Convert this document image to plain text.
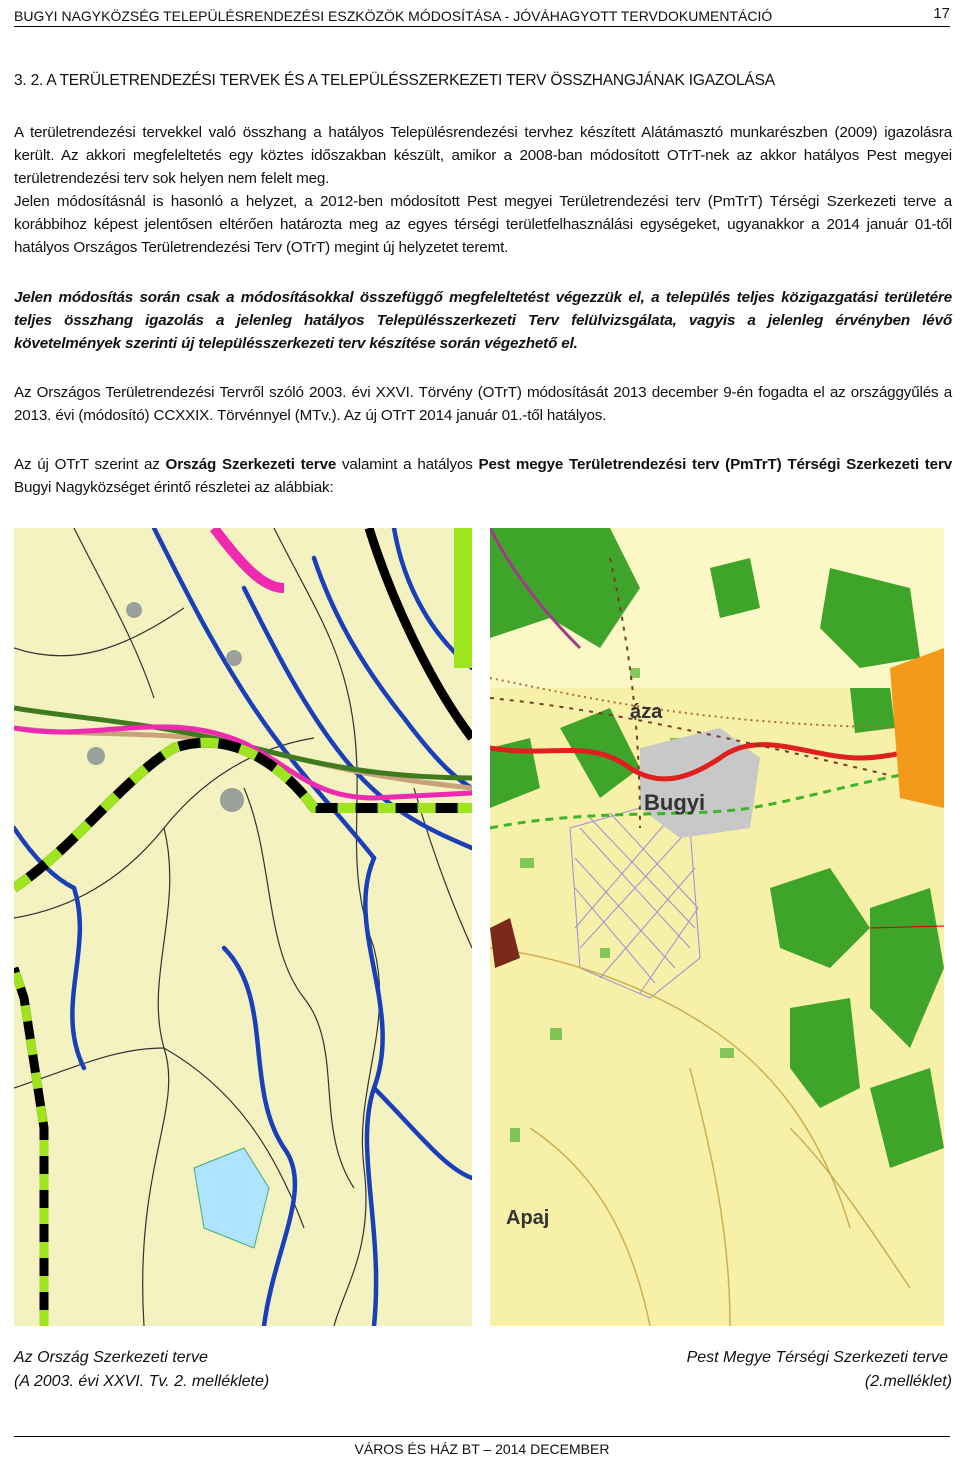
BUGYI NAGYKÖZSÉG TELEPÜLÉSRENDEZÉSI ESZKÖZÖK MÓDOSÍTÁSA - JÓVÁHAGYOTT TERVDOKUMENTÁCIÓ	17
3. 2. A TERÜLETRENDEZÉSI TERVEK ÉS A TELEPÜLÉSSZERKEZETI TERV ÖSSZHANGJÁNAK IGAZOLÁSA
A területrendezési tervekkel való összhang a hatályos Településrendezési tervhez készített Alátámasztó munkarészben (2009) igazolásra került. Az akkori megfeleltetés egy köztes időszakban készült, amikor a 2008-ban módosított OTrT-nek az akkor hatályos Pest megyei területrendezési terv sok helyen nem felelt meg.
Jelen módosításnál is hasonló a helyzet, a 2012-ben módosított Pest megyei Területrendezési terv (PmTrT) Térségi Szerkezeti terve a korábbihoz képest jelentősen eltérően határozta meg az egyes térségi területfelhasználási egységeket, ugyanakkor a 2014 január 01-től hatályos Országos Területrendezési Terv (OTrT) megint új helyzetet teremt.
Jelen módosítás során csak a módosításokkal összefüggő megfeleltetést végezzük el, a település teljes közigazgatási területére teljes összhang igazolás a jelenleg hatályos Településszerkezeti Terv felülvizsgálata, vagyis a jelenleg érvényben lévő követelmények szerinti új településszerkezeti terv készítése során végezhető el.
Az Országos Területrendezési Tervről szóló 2003. évi XXVI. Törvény (OTrT) módosítását 2013 december 9-én fogadta el az országgyűlés a 2013. évi (módosító) CCXXIX. Törvénnyel (MTv.). Az új OTrT 2014 január 01.-től hatályos.
Az új OTrT szerint az Ország Szerkezeti terve valamint a hatályos Pest megye Területrendezési terv (PmTrT) Térségi Szerkezeti terv Bugyi Nagyközséget érintő részletei az alábbiak:
áza
Bugyi
Apaj
Az Ország Szerkezeti terve
(A 2003. évi XXVI. Tv. 2. melléklete)
Pest Megye Térségi Szerkezeti terve
(2.melléklet)
VÁROS ÉS HÁZ BT – 2014 DECEMBER
